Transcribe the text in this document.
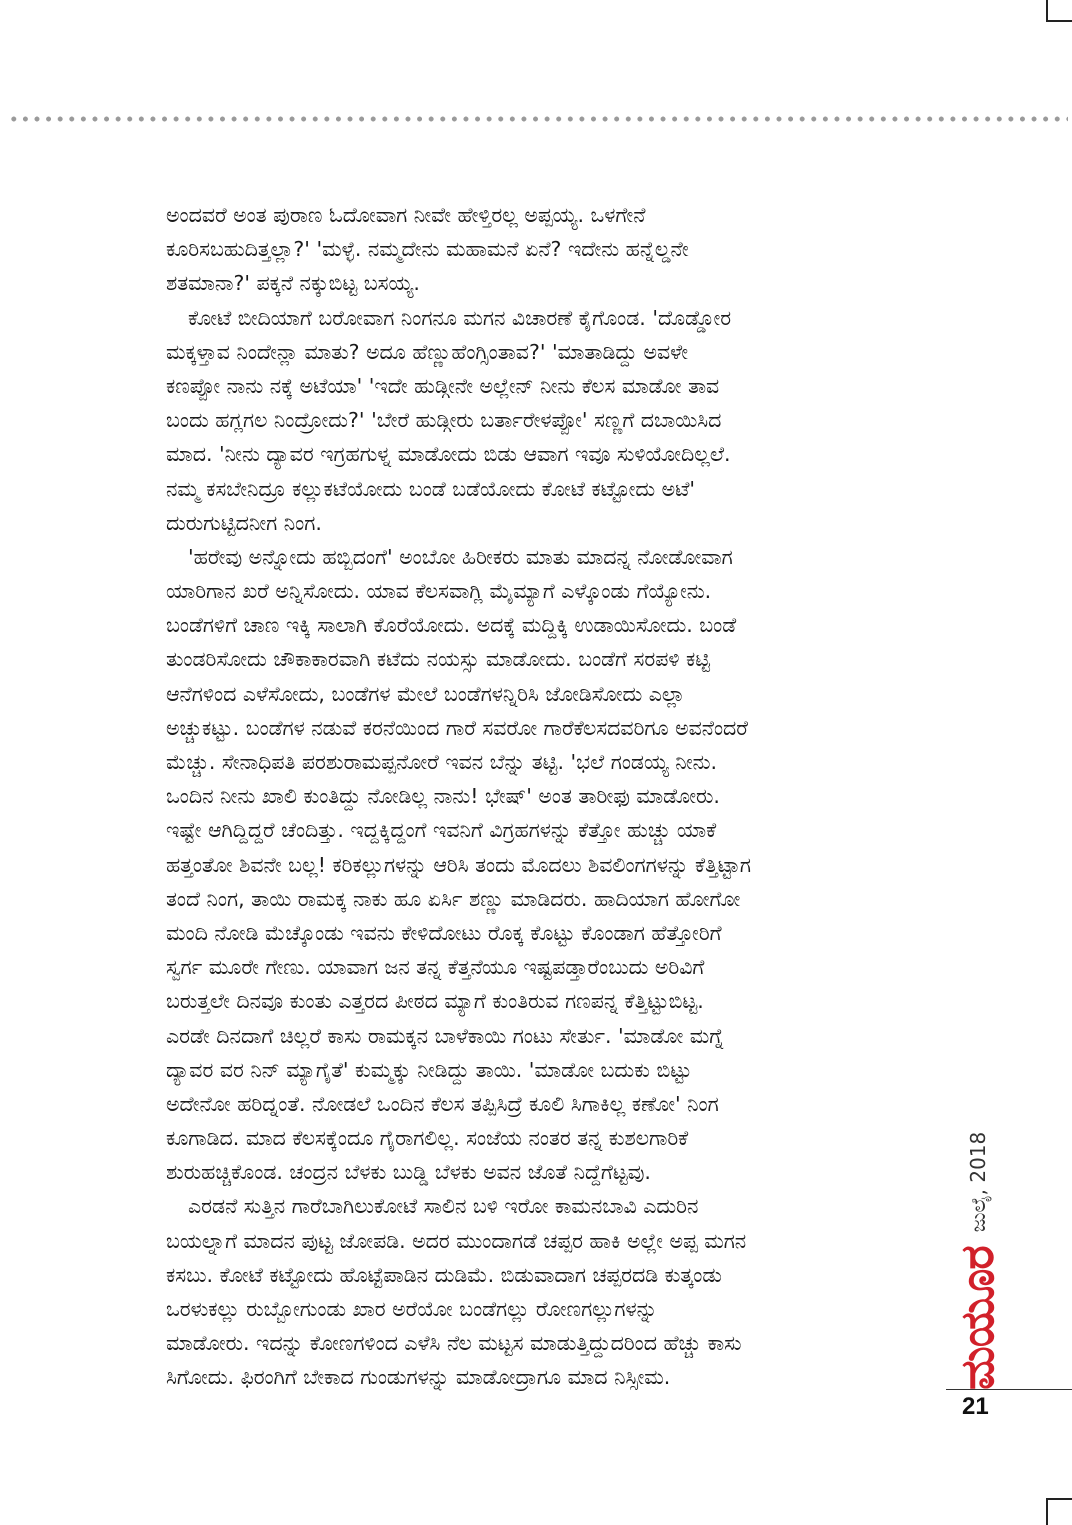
ಅಂದವರೆ ಅಂತ ಪುರಾಣ ಓದೋವಾಗ ನೀವೇ ಹೇಳ್ತಿರಲ್ಲ ಅಪ್ಪಯ್ಯ. ಒಳಗೇನೆ
ಕೂರಿಸಬಹುದಿತ್ತಲ್ಲಾ?' 'ಮಳ್ಳೆ. ನಮ್ಮದೇನು ಮಹಾಮನೆ ಏನೆ? ಇದೇನು ಹನ್ನೆಲ್ಡನೇ
ಶತಮಾನಾ?' ಪಕ್ಕನೆ ನಕ್ಕುಬಿಟ್ಟ ಬಸಯ್ಯ.
ಕೋಟೆ ಬೀದಿಯಾಗೆ ಬರೋವಾಗ ನಿಂಗನೂ ಮಗನ ವಿಚಾರಣೆ ಕೈಗೊಂಡ. 'ದೊಡ್ಡೋರ
ಮಕ್ಕಳ್ತಾವ ನಿಂದೇನ್ಲಾ ಮಾತು? ಅದೂ ಹೆಣ್ಣುಹೆಂಗ್ಸಿಂತಾವ?' 'ಮಾತಾಡಿದ್ದು ಅವಳೇ
ಕಣಪ್ಪೋ ನಾನು ನಕ್ಕೆ ಅಟೆಯಾ' 'ಇದೇ ಹುಡ್ಗೀನೇ ಅಲ್ಲೇನ್ ನೀನು ಕೆಲಸ ಮಾಡೋ ತಾವ
ಬಂದು ಹಗ್ಲಗಲ ನಿಂದ್ರೋದು?' 'ಬೇರೆ ಹುಡ್ಗೀರು ಬರ್ತಾರೇಳಪ್ಪೋ' ಸಣ್ಣಗೆ ದಬಾಯಿಸಿದ
ಮಾದ. 'ನೀನು ದ್ಯಾವರ ಇಗ್ರಹಗುಳ್ನ ಮಾಡೋದು ಬಿಡು ಆವಾಗ ಇವೂ ಸುಳಿಯೋದಿಲ್ಲಲೆ.
ನಮ್ಮ ಕಸಬೇನಿದ್ರೂ ಕಲ್ಲುಕಟೆಯೋದು ಬಂಡೆ ಬಡೆಯೋದು ಕೋಟೆ ಕಟ್ಟೋದು ಅಟೆ'
ದುರುಗುಟ್ಟಿದನೀಗ ನಿಂಗ.
'ಹರೇವು ಅನ್ನೋದು ಹಬ್ಬಿದಂಗೆ' ಅಂಬೋ ಹಿರೀಕರು ಮಾತು ಮಾದನ್ನ ನೋಡೋವಾಗ
ಯಾರಿಗಾನ ಖರೆ ಅನ್ನಿಸೋದು. ಯಾವ ಕೆಲಸವಾಗ್ಲಿ ಮೈಮ್ಯಾಗೆ ಎಳ್ಕೊಂಡು ಗೆಯ್ಯೋನು.
ಬಂಡೆಗಳಿಗೆ ಚಾಣ ಇಕ್ಕಿ ಸಾಲಾಗಿ ಕೊರೆಯೋದು. ಅದಕ್ಕೆ ಮದ್ದಿಕ್ಕಿ ಉಡಾಯಿಸೋದು. ಬಂಡೆ
ತುಂಡರಿಸೋದು ಚೌಕಾಕಾರವಾಗಿ ಕಟೆದು ನಯಸ್ಸು ಮಾಡೋದು. ಬಂಡೆಗೆ ಸರಪಳಿ ಕಟ್ಟಿ
ಆನೆಗಳಿಂದ ಎಳೆಸೋದು, ಬಂಡೆಗಳ ಮೇಲೆ ಬಂಡೆಗಳನ್ನಿರಿಸಿ ಜೋಡಿಸೋದು ಎಲ್ಲಾ
ಅಚ್ಚುಕಟ್ಟು. ಬಂಡೆಗಳ ನಡುವೆ ಕರನೆಯಿಂದ ಗಾರೆ ಸವರೋ ಗಾರೆಕೆಲಸದವರಿಗೂ ಅವನೆಂದರೆ
ಮೆಚ್ಚು. ಸೇನಾಧಿಪತಿ ಪರಶುರಾಮಪ್ಪನೋರೆ ಇವನ ಬೆನ್ನು ತಟ್ಟಿ. 'ಭಲೆ ಗಂಡಯ್ಯ ನೀನು.
ಒಂದಿನ ನೀನು ಖಾಲಿ ಕುಂತಿದ್ದು ನೋಡಿಲ್ಲ ನಾನು! ಭೇಷ್' ಅಂತ ತಾರೀಫು ಮಾಡೋರು.
ಇಷ್ಟೇ ಆಗಿದ್ದಿದ್ದರೆ ಚೆಂದಿತ್ತು. ಇದ್ದಕ್ಕಿದ್ದಂಗೆ ಇವನಿಗೆ ವಿಗ್ರಹಗಳನ್ನು ಕೆತ್ತೋ ಹುಚ್ಚು ಯಾಕೆ
ಹತ್ತಂತೋ ಶಿವನೇ ಬಲ್ಲ! ಕರಿಕಲ್ಲುಗಳನ್ನು ಆರಿಸಿ ತಂದು ಮೊದಲು ಶಿವಲಿಂಗಗಳನ್ನು ಕೆತ್ತಿಟ್ಟಾಗ
ತಂದೆ ನಿಂಗ, ತಾಯಿ ರಾಮಕ್ಕ ನಾಕು ಹೂ ಏರ್ಸಿ ಶಣ್ಣು ಮಾಡಿದರು. ಹಾದಿಯಾಗ ಹೋಗೋ
ಮಂದಿ ನೋಡಿ ಮೆಚ್ಕೊಂಡು ಇವನು ಕೇಳಿದೋಟು ರೊಕ್ಕ ಕೊಟ್ಟು ಕೊಂಡಾಗ ಹೆತ್ತೋರಿಗೆ
ಸ್ವರ್ಗ ಮೂರೇ ಗೇಣು. ಯಾವಾಗ ಜನ ತನ್ನ ಕೆತ್ತನೆಯೂ ಇಷ್ಟಪಡ್ತಾರೆಂಬುದು ಅರಿವಿಗೆ
ಬರುತ್ತಲೇ ದಿನವೂ ಕುಂತು ಎತ್ತರದ ಪೀಠದ ಮ್ಯಾಗೆ ಕುಂತಿರುವ ಗಣಪನ್ನ ಕೆತ್ತಿಟ್ಟುಬಿಟ್ಟ.
ಎರಡೇ ದಿನದಾಗೆ ಚಿಲ್ಲರೆ ಕಾಸು ರಾಮಕ್ಕನ ಬಾಳೆಕಾಯಿ ಗಂಟು ಸೇರ್ತು. 'ಮಾಡೋ ಮಗ್ನೆ
ದ್ಯಾವರ ವರ ನಿನ್ ಮ್ಯಾಗೈತೆ' ಕುಮ್ಮಕ್ಕು ನೀಡಿದ್ದು ತಾಯಿ. 'ಮಾಡೋ ಬದುಕು ಬಿಟ್ಟು
ಅದೇನೋ ಹರಿದ್ನಂತೆ. ನೋಡಲೆ ಒಂದಿನ ಕೆಲಸ ತಪ್ಪಿಸಿದ್ರೆ ಕೂಲಿ ಸಿಗಾಕಿಲ್ಲ ಕಣೋ' ನಿಂಗ
ಕೂಗಾಡಿದ. ಮಾದ ಕೆಲಸಕ್ಕೆಂದೂ ಗೈರಾಗಲಿಲ್ಲ. ಸಂಜೆಯ ನಂತರ ತನ್ನ ಕುಶಲಗಾರಿಕೆ
ಶುರುಹಚ್ಚಿಕೊಂಡ. ಚಂದ್ರನ ಬೆಳಕು ಬುಡ್ಡಿ ಬೆಳಕು ಅವನ ಜೊತೆ ನಿದ್ದೆಗೆಟ್ಟವು.
ಎರಡನೆ ಸುತ್ತಿನ ಗಾರೆಬಾಗಿಲುಕೋಟೆ ಸಾಲಿನ ಬಳಿ ಇರೋ ಕಾಮನಬಾವಿ ಎದುರಿನ
ಬಯಲ್ನಾಗೆ ಮಾದನ ಪುಟ್ಟ ಜೋಪಡಿ. ಅದರ ಮುಂದಾಗಡೆ ಚಪ್ಪರ ಹಾಕಿ ಅಲ್ಲೇ ಅಪ್ಪ ಮಗನ
ಕಸಬು. ಕೋಟೆ ಕಟ್ಟೋದು ಹೊಟ್ಟೆಪಾಡಿನ ದುಡಿಮೆ. ಬಿಡುವಾದಾಗ ಚಪ್ಪರದಡಿ ಕುತ್ಕಂಡು
ಒರಳುಕಲ್ಲು ರುಬ್ಬೋಗುಂಡು ಖಾರ ಅರೆಯೋ ಬಂಡೆಗಲ್ಲು ರೋಣಗಲ್ಲುಗಳನ್ನು
ಮಾಡೋರು. ಇದನ್ನು ಕೋಣಗಳಿಂದ ಎಳೆಸಿ ನೆಲ ಮಟ್ಟಸ ಮಾಡುತ್ತಿದ್ದುದರಿಂದ ಹೆಚ್ಚು ಕಾಸು
ಸಿಗೋದು. ಫಿರಂಗಿಗೆ ಬೇಕಾದ ಗುಂಡುಗಳನ್ನು ಮಾಡೋದ್ರಾಗೂ ಮಾದ ನಿಸ್ಸೀಮ.	ಮಯೂರ
ಜುಲೈ, 2018
21
